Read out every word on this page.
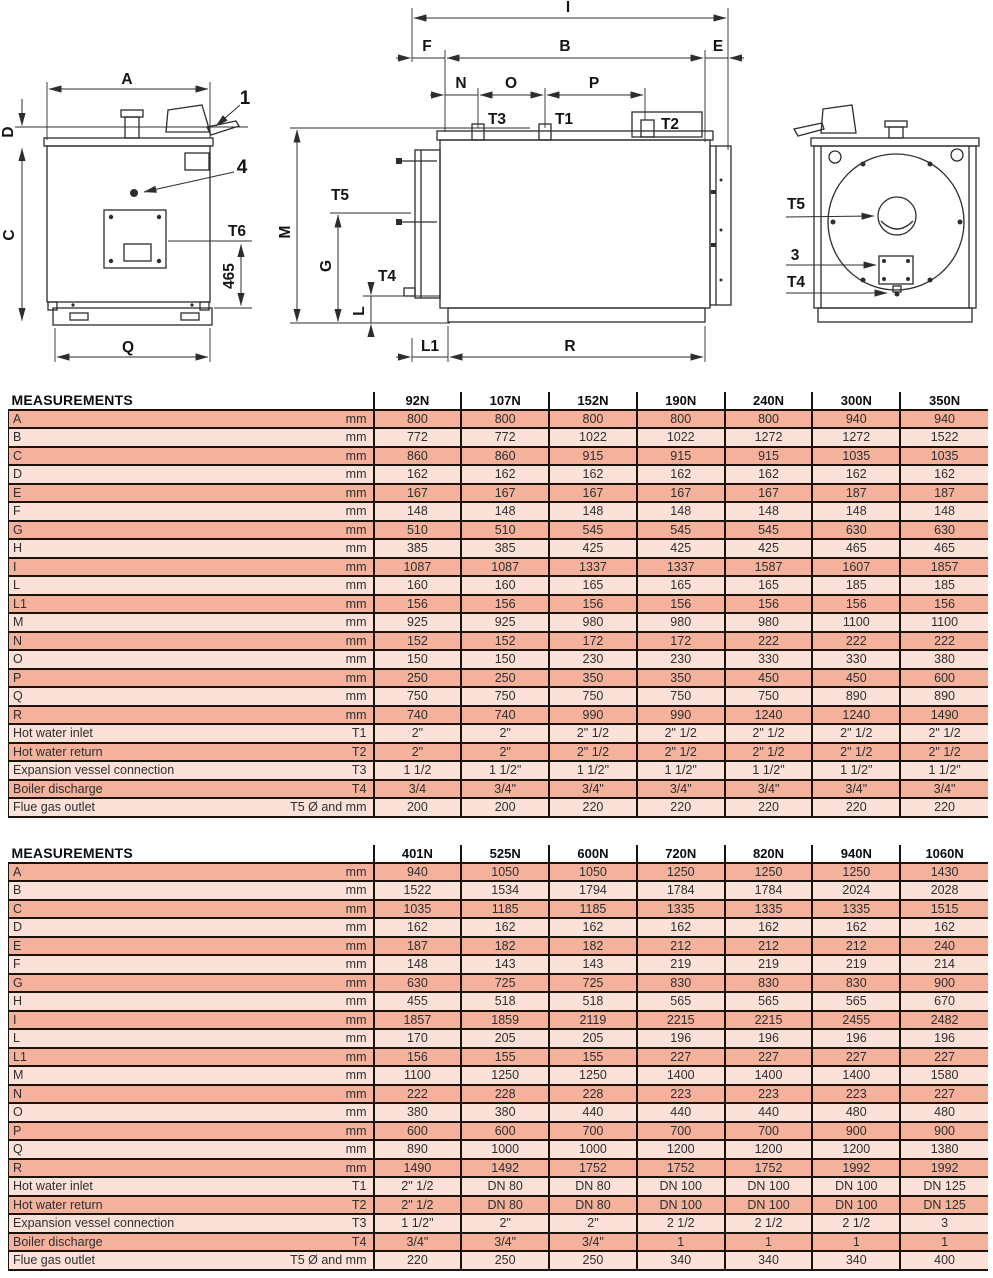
A
1
D
C
4
T6
465
Q
I
F	B	E
N O	P
T3	T1	T2
M
G
T5
T4
L
L1	R
T5
3
T4
MEASUREMENTS	92N	107N	152N	190N	240N	300N	350N

A mm	800	800	800	800	800	940	940

B mm	772	772	1022	1022	1272	1272	1522

C mm	860	860	915	915	915	1035	1035

D mm	162	162	162	162	162	162	162

E mm	167	167	167	167	167	187	187

F mm	148	148	148	148	148	148	148

G mm	510	510	545	545	545	630	630

H mm	385	385	425	425	425	465	465

I mm	1087	1087	1337	1337	1587	1607	1857

L mm	160	160	165	165	165	185	185

L1 mm	156	156	156	156	156	156	156

M mm	925	925	980	980	980	1100	1100

N mm	152	152	172	172	222	222	222

O mm	150	150	230	230	330	330	380

P mm	250	250	350	350	450	450	600

Q mm	750	750	750	750	750	890	890

R mm	740	740	990	990	1240	1240	1490

Hot water inlet T1	2"	2"	2" 1/2	2" 1/2	2" 1/2	2" 1/2	2" 1/2

Hot water return T2	2"	2"	2" 1/2	2" 1/2	2" 1/2	2" 1/2	2" 1/2

Expansion vessel connection T3	1 1/2	1 1/2"	1 1/2"	1 1/2"	1 1/2"	1 1/2"	1 1/2"

Boiler discharge T4	3/4	3/4"	3/4"	3/4"	3/4"	3/4"	3/4"

Flue gas outlet T5 Ø and mm	200	200	220	220	220	220	220
MEASUREMENTS	401N	525N	600N	720N	820N	940N	1060N

A mm	940	1050	1050	1250	1250	1250	1430

B mm	1522	1534	1794	1784	1784	2024	2028

C mm	1035	1185	1185	1335	1335	1335	1515

D mm	162	162	162	162	162	162	162

E mm	187	182	182	212	212	212	240

F mm	148	143	143	219	219	219	214

G mm	630	725	725	830	830	830	900

H mm	455	518	518	565	565	565	670

I mm	1857	1859	2119	2215	2215	2455	2482

L mm	170	205	205	196	196	196	196

L1 mm	156	155	155	227	227	227	227

M mm	1100	1250	1250	1400	1400	1400	1580

N mm	222	228	228	223	223	223	227

O mm	380	380	440	440	440	480	480

P mm	600	600	700	700	700	900	900

Q mm	890	1000	1000	1200	1200	1200	1380

R mm	1490	1492	1752	1752	1752	1992	1992

Hot water inlet T1	2" 1/2	DN 80	DN 80	DN 100	DN 100	DN 100	DN 125

Hot water return T2	2" 1/2	DN 80	DN 80	DN 100	DN 100	DN 100	DN 125

Expansion vessel connection T3	1 1/2"	2"	2"	2 1/2	2 1/2	2 1/2	3

Boiler discharge T4	3/4"	3/4"	3/4"	1	1	1	1

Flue gas outlet T5 Ø and mm	220	250	250	340	340	340	400
